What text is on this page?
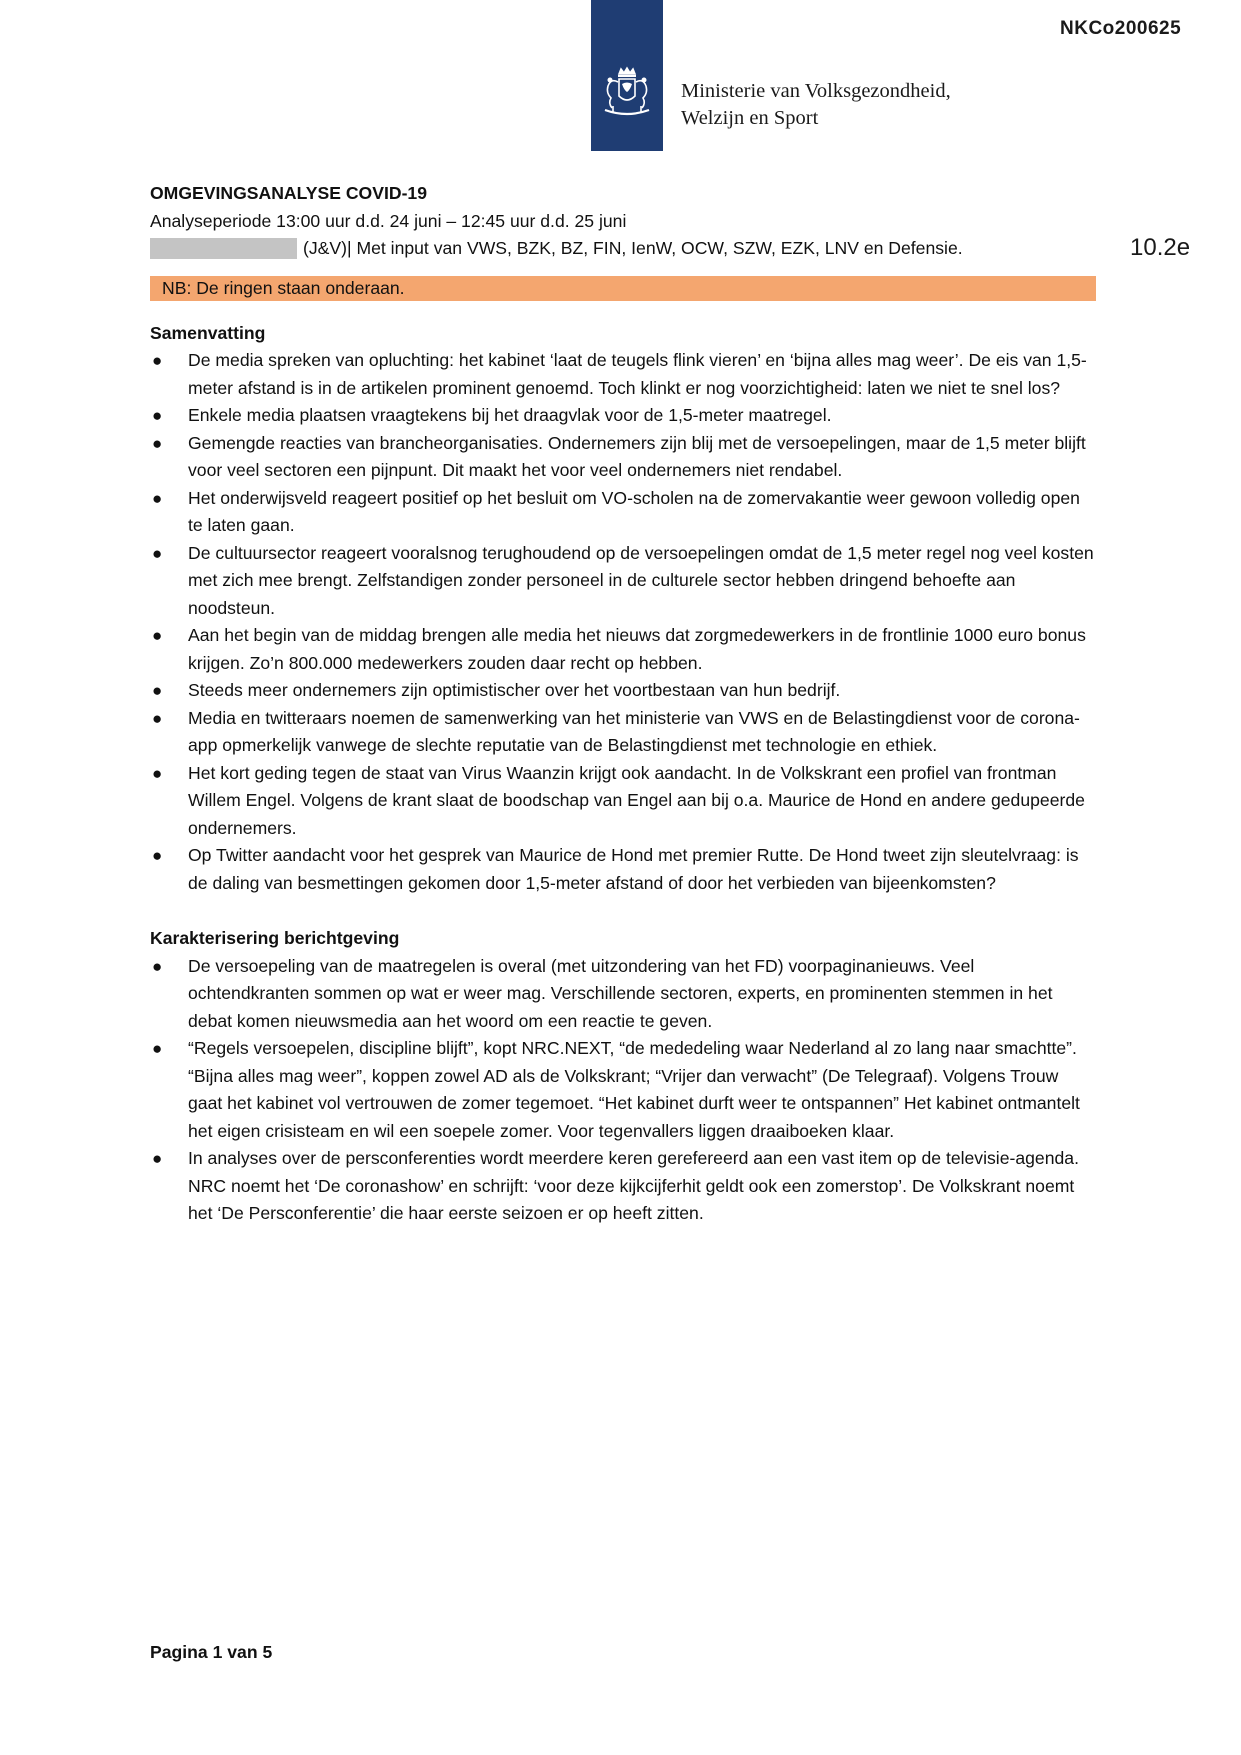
NKCo200625
Ministerie van Volksgezondheid,
Welzijn en Sport
10.2e

OMGEVINGSANALYSE COVID-19

Analyseperiode 13:00 uur d.d. 24 juni – 12:45 uur d.d. 25 juni

(J&V)| Met input van VWS, BZK, BZ, FIN, IenW, OCW, SZW, EZK, LNV en Defensie.

NB: De ringen staan onderaan.

Samenvatting

● De media spreken van opluchting: het kabinet ‘laat de teugels flink vieren’ en ‘bijna alles mag weer’. De eis van 1,5-meter afstand is in de artikelen prominent genoemd. Toch klinkt er nog voorzichtigheid: laten we niet te snel los?
● Enkele media plaatsen vraagtekens bij het draagvlak voor de 1,5-meter maatregel.
● Gemengde reacties van brancheorganisaties. Ondernemers zijn blij met de versoepelingen, maar de 1,5 meter blijft voor veel sectoren een pijnpunt. Dit maakt het voor veel ondernemers niet rendabel.
● Het onderwijsveld reageert positief op het besluit om VO-scholen na de zomervakantie weer gewoon volledig open te laten gaan.
● De cultuursector reageert vooralsnog terughoudend op de versoepelingen omdat de 1,5 meter regel nog veel kosten met zich mee brengt. Zelfstandigen zonder personeel in de culturele sector hebben dringend behoefte aan noodsteun.
● Aan het begin van de middag brengen alle media het nieuws dat zorgmedewerkers in de frontlinie 1000 euro bonus krijgen. Zo’n 800.000 medewerkers zouden daar recht op hebben.
● Steeds meer ondernemers zijn optimistischer over het voortbestaan van hun bedrijf.
● Media en twitteraars noemen de samenwerking van het ministerie van VWS en de Belastingdienst voor de corona-app opmerkelijk vanwege de slechte reputatie van de Belastingdienst met technologie en ethiek.
● Het kort geding tegen de staat van Virus Waanzin krijgt ook aandacht. In de Volkskrant een profiel van frontman Willem Engel. Volgens de krant slaat de boodschap van Engel aan bij o.a. Maurice de Hond en andere gedupeerde ondernemers.
● Op Twitter aandacht voor het gesprek van Maurice de Hond met premier Rutte. De Hond tweet zijn sleutelvraag: is de daling van besmettingen gekomen door 1,5-meter afstand of door het verbieden van bijeenkomsten?

Karakterisering berichtgeving

● De versoepeling van de maatregelen is overal (met uitzondering van het FD) voorpaginanieuws. Veel ochtendkranten sommen op wat er weer mag. Verschillende sectoren, experts, en prominenten stemmen in het debat komen nieuwsmedia aan het woord om een reactie te geven.
● “Regels versoepelen, discipline blijft”, kopt NRC.NEXT, “de mededeling waar Nederland al zo lang naar smachtte”. “Bijna alles mag weer”, koppen zowel AD als de Volkskrant; “Vrijer dan verwacht” (De Telegraaf). Volgens Trouw gaat het kabinet vol vertrouwen de zomer tegemoet. “Het kabinet durft weer te ontspannen” Het kabinet ontmantelt het eigen crisisteam en wil een soepele zomer. Voor tegenvallers liggen draaiboeken klaar.
● In analyses over de persconferenties wordt meerdere keren gerefereerd aan een vast item op de televisie-agenda. NRC noemt het ‘De coronashow’ en schrijft: ‘voor deze kijkcijferhit geldt ook een zomerstop’. De Volkskrant noemt het ‘De Persconferentie’ die haar eerste seizoen er op heeft zitten.
Pagina 1 van 5
